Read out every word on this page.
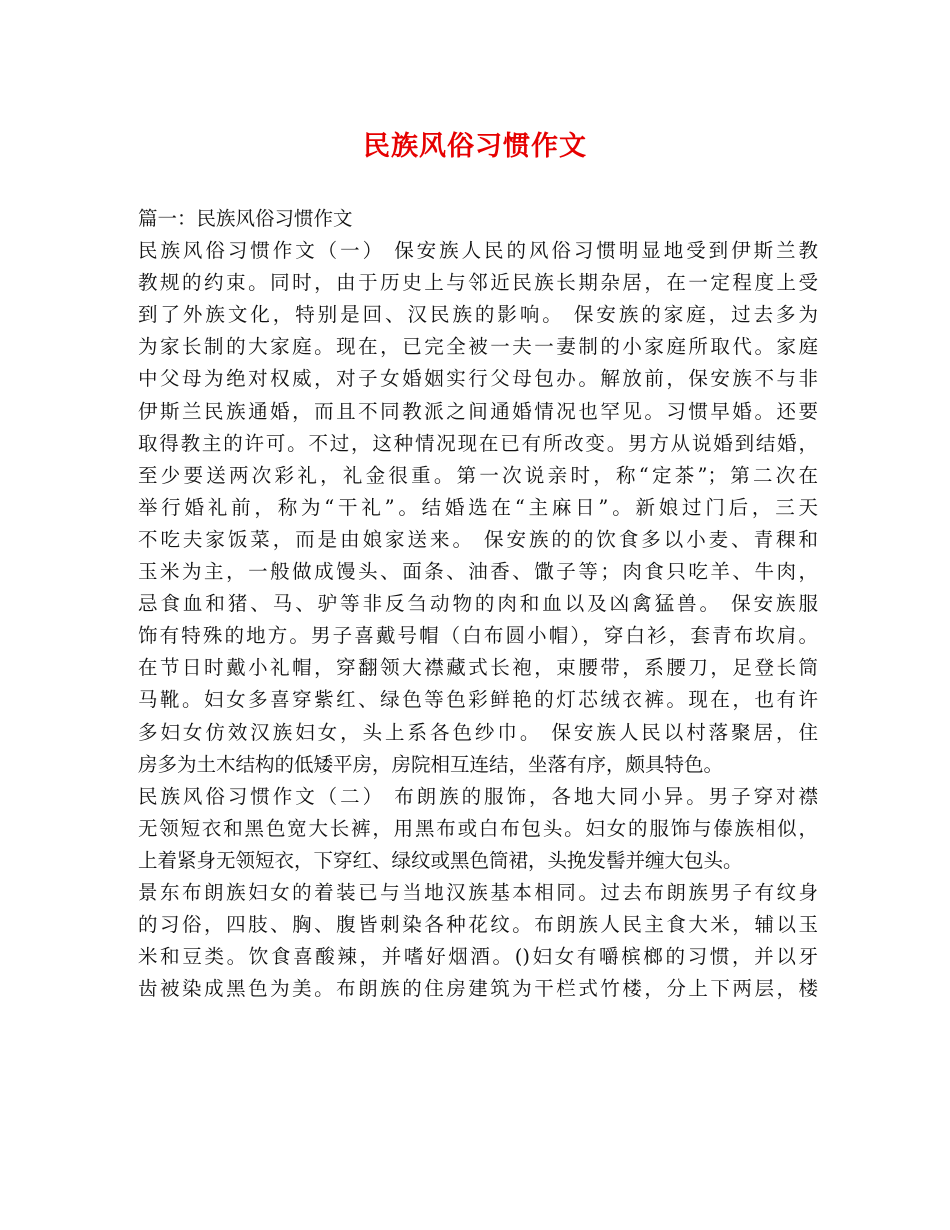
民族风俗习惯作文
篇一：民族风俗习惯作文
民族风俗习惯作文（一） 保安族人民的风俗习惯明显地受到伊斯兰教
教规的约束。同时，由于历史上与邻近民族长期杂居，在一定程度上受
到了外族文化，特别是回、汉民族的影响。 保安族的家庭，过去多为
为家长制的大家庭。现在，已完全被一夫一妻制的小家庭所取代。家庭
中父母为绝对权威，对子女婚姻实行父母包办。解放前，保安族不与非
伊斯兰民族通婚，而且不同教派之间通婚情况也罕见。习惯早婚。还要
取得教主的许可。不过，这种情况现在已有所改变。男方从说婚到结婚，
至少要送两次彩礼，礼金很重。第一次说亲时，称“定茶”；第二次在
举行婚礼前，称为“干礼”。结婚选在“主麻日”。新娘过门后，三天
不吃夫家饭菜，而是由娘家送来。 保安族的的饮食多以小麦、青稞和
玉米为主，一般做成馒头、面条、油香、馓子等；肉食只吃羊、牛肉，
忌食血和猪、马、驴等非反刍动物的肉和血以及凶禽猛兽。 保安族服
饰有特殊的地方。男子喜戴号帽（白布圆小帽），穿白衫，套青布坎肩。
在节日时戴小礼帽，穿翻领大襟藏式长袍，束腰带，系腰刀，足登长筒
马靴。妇女多喜穿紫红、绿色等色彩鲜艳的灯芯绒衣裤。现在，也有许
多妇女仿效汉族妇女，头上系各色纱巾。 保安族人民以村落聚居，住
房多为土木结构的低矮平房，房院相互连结，坐落有序，颇具特色。
民族风俗习惯作文（二） 布朗族的服饰，各地大同小异。男子穿对襟
无领短衣和黑色宽大长裤，用黑布或白布包头。妇女的服饰与傣族相似，
上着紧身无领短衣，下穿红、绿纹或黑色筒裙，头挽发髻并缠大包头。
景东布朗族妇女的着装已与当地汉族基本相同。过去布朗族男子有纹身
的习俗，四肢、胸、腹皆刺染各种花纹。布朗族人民主食大米，辅以玉
米和豆类。饮食喜酸辣，并嗜好烟酒。()妇女有嚼槟榔的习惯，并以牙
齿被染成黑色为美。布朗族的住房建筑为干栏式竹楼，分上下两层，楼
